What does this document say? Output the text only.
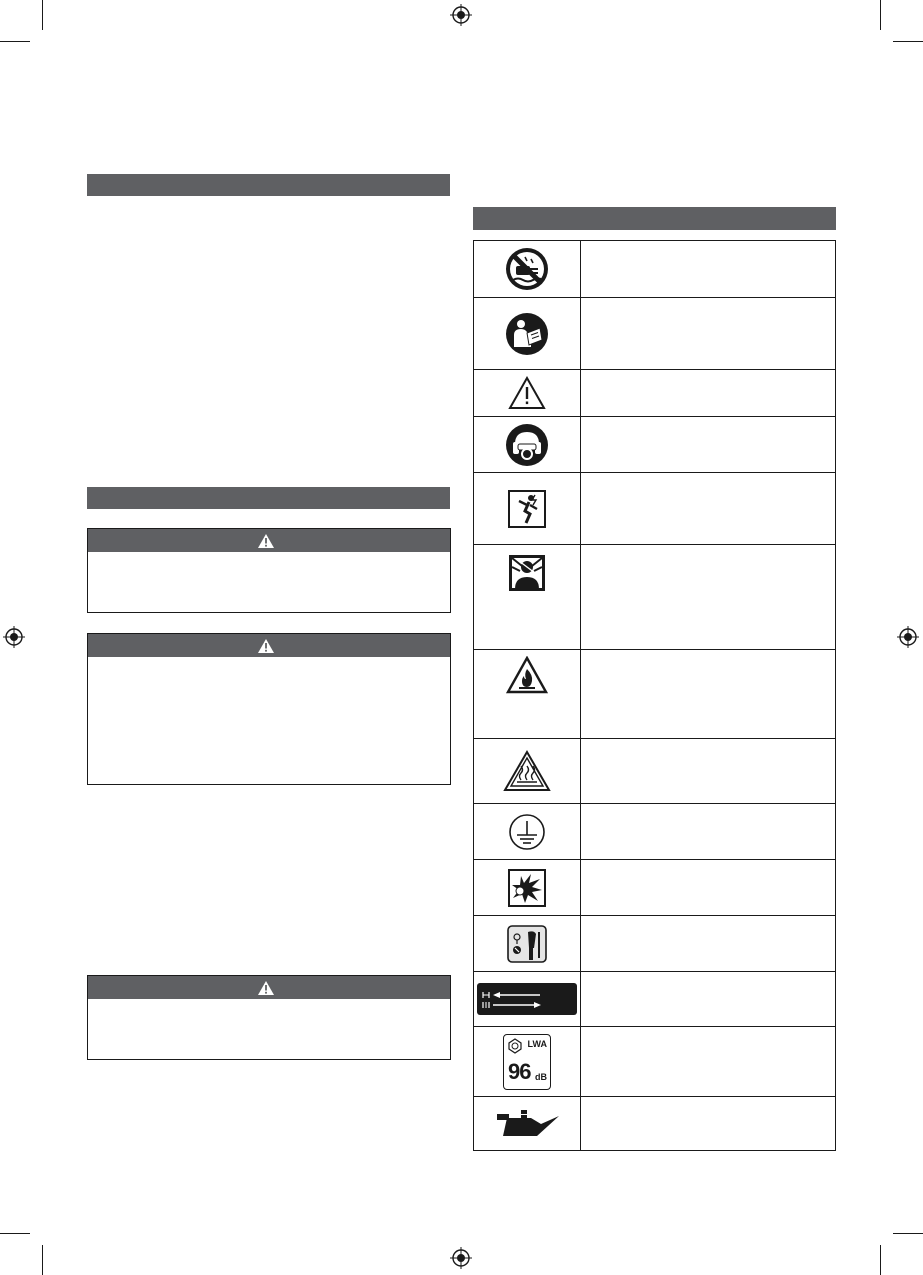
LWA
96 dB	
